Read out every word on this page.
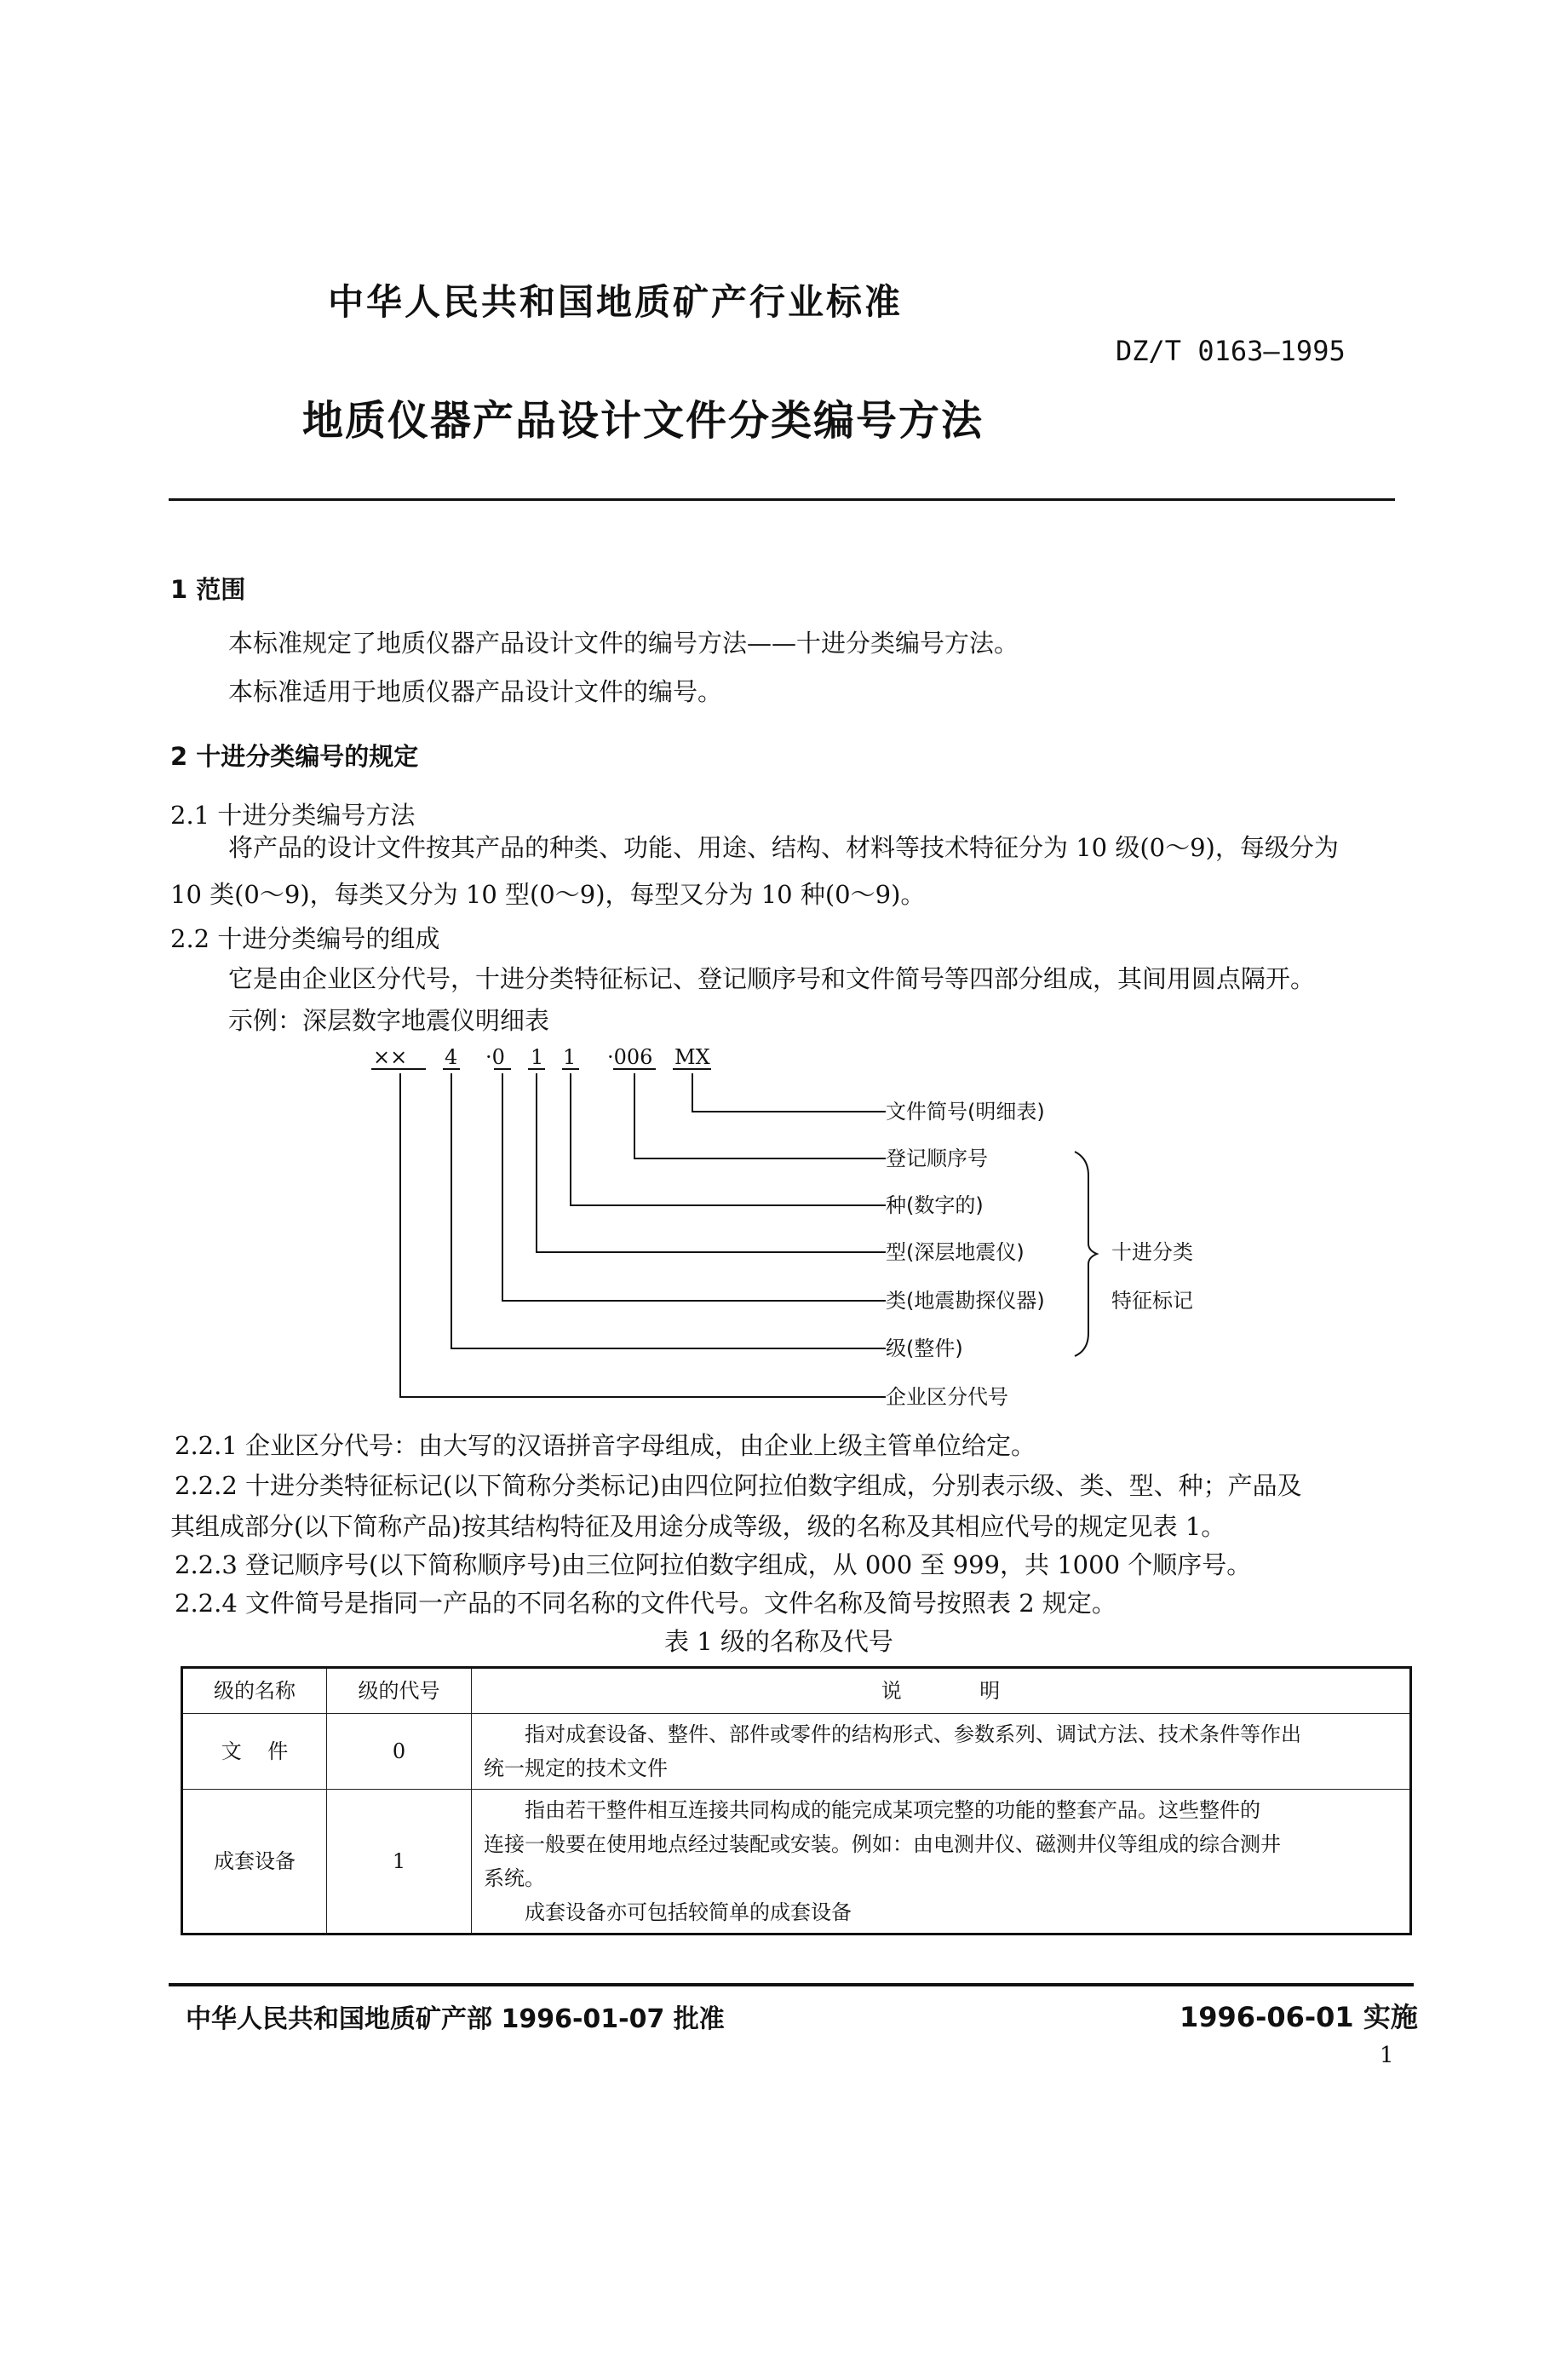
中华人民共和国地质矿产行业标准
DZ/T 0163—1995
地质仪器产品设计文件分类编号方法
1 范围
本标准规定了地质仪器产品设计文件的编号方法——十进分类编号方法。
本标准适用于地质仪器产品设计文件的编号。
2 十进分类编号的规定
2.1 十进分类编号方法
将产品的设计文件按其产品的种类、功能、用途、结构、材料等技术特征分为 10 级(0～9)，每级分为
10 类(0～9)，每类又分为 10 型(0～9)，每型又分为 10 种(0～9)。
2.2 十进分类编号的组成
它是由企业区分代号，十进分类特征标记、登记顺序号和文件简号等四部分组成，其间用圆点隔开。
示例：深层数字地震仪明细表
×× 4 ·0 1 1 ·006 MX
文件简号(明细表)
登记顺序号
种(数字的)
型(深层地震仪)
类(地震勘探仪器)
级(整件)
企业区分代号
十进分类
特征标记
2.2.1 企业区分代号：由大写的汉语拼音字母组成，由企业上级主管单位给定。
2.2.2 十进分类特征标记(以下简称分类标记)由四位阿拉伯数字组成，分别表示级、类、型、种；产品及
其组成部分(以下简称产品)按其结构特征及用途分成等级，级的名称及其相应代号的规定见表 1。
2.2.3 登记顺序号(以下简称顺序号)由三位阿拉伯数字组成，从 000 至 999，共 1000 个顺序号。
2.2.4 文件简号是指同一产品的不同名称的文件代号。文件名称及简号按照表 2 规定。
表 1 级的名称及代号
级的名称	级的代号	说            明
文    件	0	指对成套设备、整件、部件或零件的结构形式、参数系列、调试方法、技术条件等作出
统一规定的技术文件

成套设备	1	指由若干整件相互连接共同构成的能完成某项完整的功能的整套产品。这些整件的
连接一般要在使用地点经过装配或安装。例如：由电测井仪、磁测井仪等组成的综合测井
系统。
成套设备亦可包括较简单的成套设备
中华人民共和国地质矿产部 1996-01-07 批准	1996-06-01 实施
1
